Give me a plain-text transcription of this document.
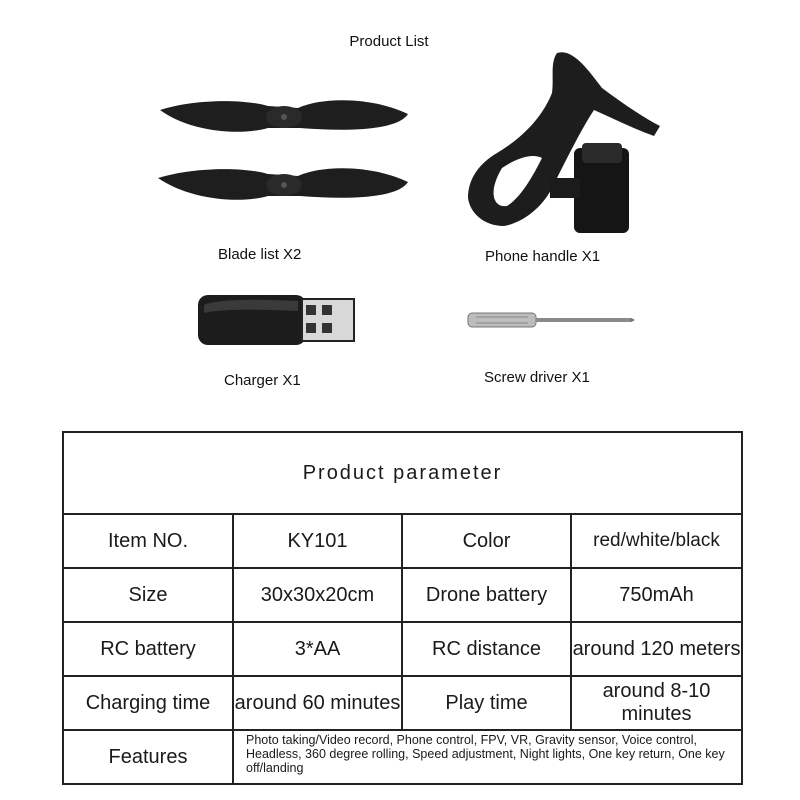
Product List
Blade list X2	Phone handle X1
Charger X1	Screw driver X1
Product parameter			
Item NO.	KY101	Color	red/white/black
Size	30x30x20cm	Drone battery	750mAh
RC battery	3*AA	RC distance	around 120 meters
Charging time	around 60 minutes	Play time	around 8-10 minutes
Features	Photo taking/Video record, Phone control, FPV, VR, Gravity sensor, Voice control, Headless, 360 degree rolling, Speed adjustment, Night lights, One key return, One key off/landing		
